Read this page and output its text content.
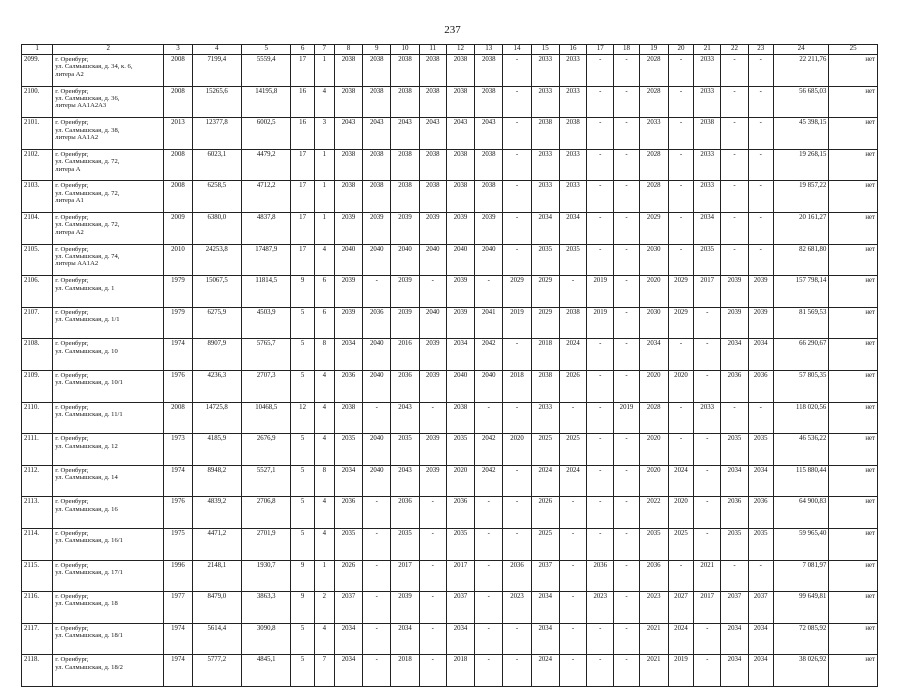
237
1	2	3	4	5	6	7	8	9	10	11	12	13	14	15	16	17	18	19	20	21	22	23	24	25
2099.	г. Оренбург,
ул. Салмышская, д. 34, к. 6,
литера А2	2008	7199,4	5559,4	17	1	2038	2038	2038	2038	2038	2038	-	2033	2033	-	-	2028	-	2033	-	-	22 211,76	нет
2100.	г. Оренбург,
ул. Салмышская, д. 36,
литеры АА1А2А3	2008	15265,6	14195,8	16	4	2038	2038	2038	2038	2038	2038	-	2033	2033	-	-	2028	-	2033	-	-	56 685,03	нет
2101.	г. Оренбург,
ул. Салмышская, д. 38,
литеры АА1А2	2013	12377,8	6002,5	16	3	2043	2043	2043	2043	2043	2043	-	2038	2038	-	-	2033	-	2038	-	-	45 398,15	нет
2102.	г. Оренбург,
ул. Салмышская, д. 72,
литера А	2008	6023,1	4479,2	17	1	2038	2038	2038	2038	2038	2038	-	2033	2033	-	-	2028	-	2033	-	-	19 268,15	нет
2103.	г. Оренбург,
ул. Салмышская, д. 72,
литера А1	2008	6258,5	4712,2	17	1	2038	2038	2038	2038	2038	2038	-	2033	2033	-	-	2028	-	2033	-	-	19 857,22	нет
2104.	г. Оренбург,
ул. Салмышская, д. 72,
литера А2	2009	6380,0	4837,8	17	1	2039	2039	2039	2039	2039	2039	-	2034	2034	-	-	2029	-	2034	-	-	20 161,27	нет
2105.	г. Оренбург,
ул. Салмышская, д. 74,
литеры АА1А2	2010	24253,8	17487,9	17	4	2040	2040	2040	2040	2040	2040	-	2035	2035	-	-	2030	-	2035	-	-	82 681,80	нет
2106.	г. Оренбург,
ул. Салмышская, д. 1	1979	15067,5	11814,5	9	6	2039	-	2039	-	2039	-	2029	2029	-	2019	-	2020	2029	2017	2039	2039	157 798,14	нет
2107.	г. Оренбург,
ул. Салмышская, д. 1/1	1979	6275,9	4503,9	5	6	2039	2036	2039	2040	2039	2041	2019	2029	2038	2019	-	2030	2029	-	2039	2039	81 569,53	нет
2108.	г. Оренбург,
ул. Салмышская, д. 10	1974	8907,9	5765,7	5	8	2034	2040	2016	2039	2034	2042	-	2018	2024	-	-	2034	-	-	2034	2034	66 290,67	нет
2109.	г. Оренбург,
ул. Салмышская, д. 10/1	1976	4236,3	2707,3	5	4	2036	2040	2036	2039	2040	2040	2018	2038	2026	-	-	2020	2020	-	2036	2036	57 805,35	нет
2110.	г. Оренбург,
ул. Салмышская, д. 11/1	2008	14725,8	10468,5	12	4	2038	-	2043	-	2038	-	-	2033	-	-	2019	2028	-	2033	-	-	118 020,56	нет
2111.	г. Оренбург,
ул. Салмышская, д. 12	1973	4185,9	2676,9	5	4	2035	2040	2035	2039	2035	2042	2020	2025	2025	-	-	2020	-	-	2035	2035	46 536,22	нет
2112.	г. Оренбург,
ул. Салмышская, д. 14	1974	8948,2	5527,1	5	8	2034	2040	2043	2039	2020	2042	-	2024	2024	-	-	2020	2024	-	2034	2034	115 880,44	нет
2113.	г. Оренбург,
ул. Салмышская, д. 16	1976	4839,2	2706,8	5	4	2036	-	2036	-	2036	-	-	2026	-	-	-	2022	2020	-	2036	2036	64 900,83	нет
2114.	г. Оренбург,
ул. Салмышская, д. 16/1	1975	4471,2	2701,9	5	4	2035	-	2035	-	2035	-	-	2025	-	-	-	2035	2025	-	2035	2035	59 965,40	нет
2115.	г. Оренбург,
ул. Салмышская, д. 17/1	1996	2148,1	1930,7	9	1	2026	-	2017	-	2017	-	2036	2037	-	2036	-	2036	-	2021	-	-	7 081,97	нет
2116.	г. Оренбург,
ул. Салмышская, д. 18	1977	8479,0	3863,3	9	2	2037	-	2039	-	2037	-	2023	2034	-	2023	-	2023	2027	2017	2037	2037	99 649,81	нет
2117.	г. Оренбург,
ул. Салмышская, д. 18/1	1974	5614,4	3090,8	5	4	2034	-	2034	-	2034	-	-	2034	-	-	-	2021	2024	-	2034	2034	72 085,92	нет
2118.	г. Оренбург,
ул. Салмышская, д. 18/2	1974	5777,2	4845,1	5	7	2034	-	2018	-	2018	-	-	2024	-	-	-	2021	2019	-	2034	2034	38 026,92	нет
